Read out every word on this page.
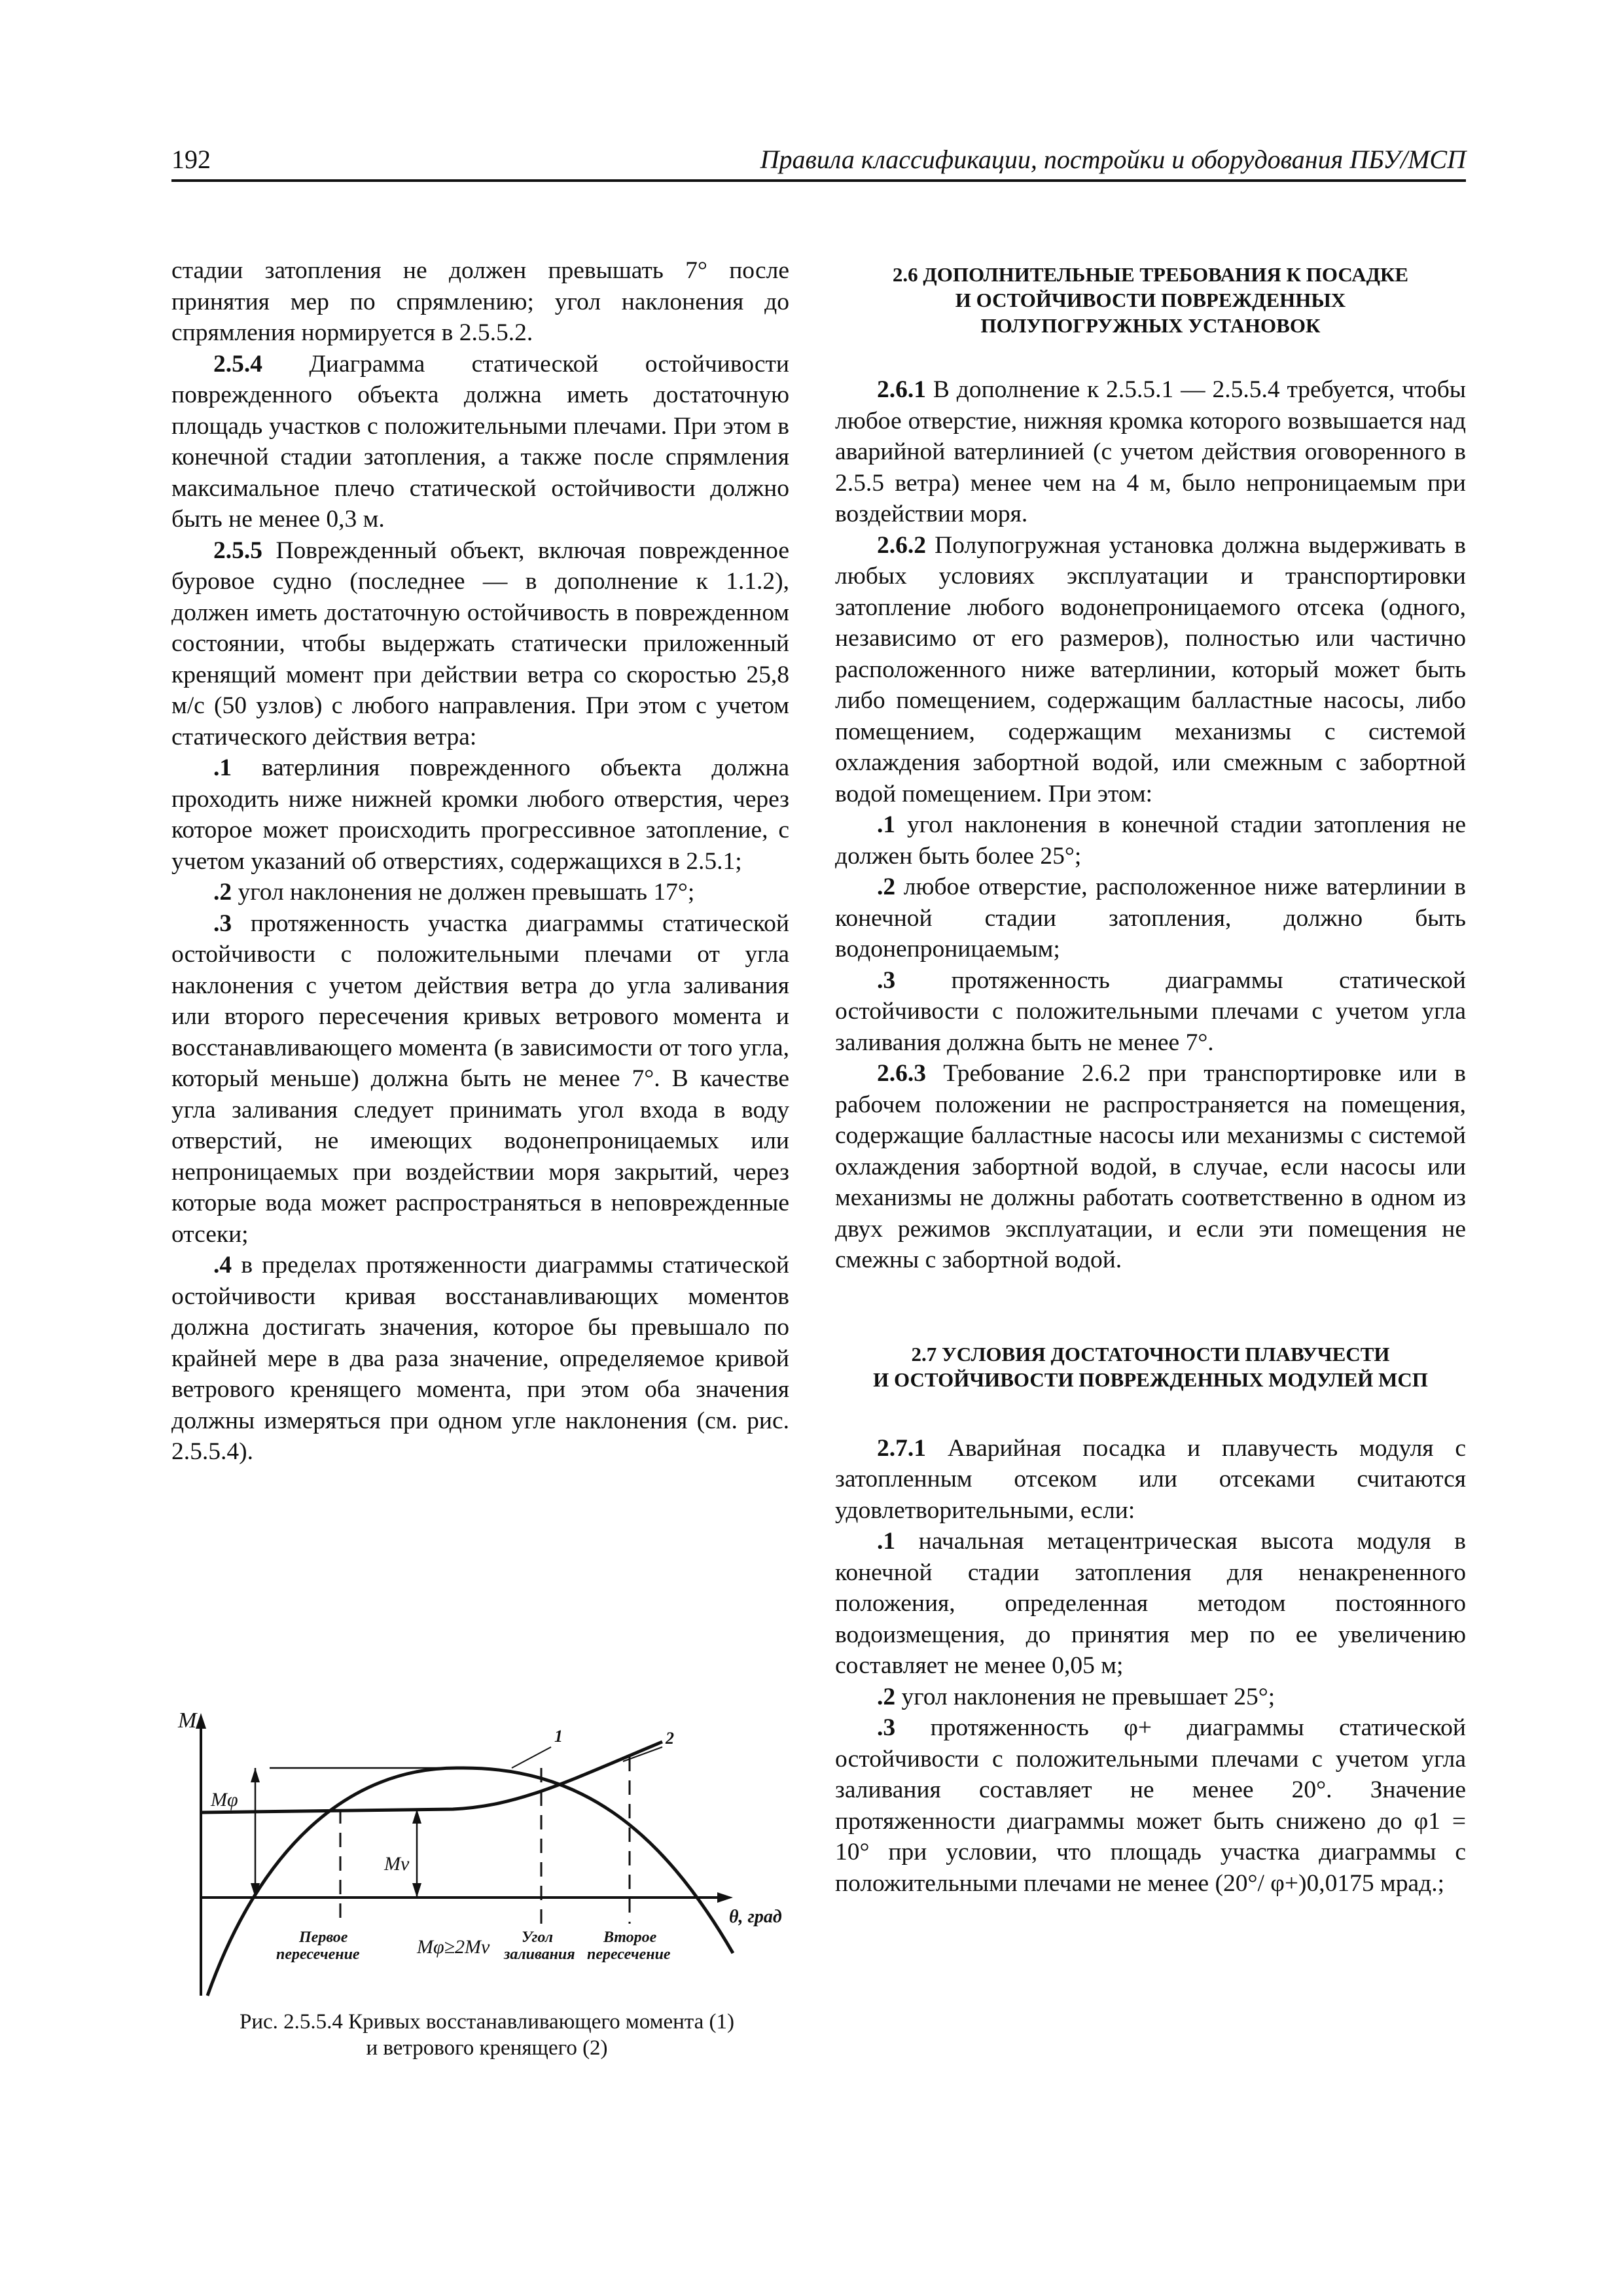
192	Правила классификации, постройки и оборудования ПБУ/МСП

стадии затопления не должен превышать 7° после принятия мер по спрямлению; угол наклонения до спрямления нормируется в 2.5.5.2.

2.5.4 Диаграмма статической остойчивости поврежденного объекта должна иметь достаточную площадь участков с положительными плечами. При этом в конечной стадии затопления, а также после спрямления максимальное плечо статической остойчивости должно быть не менее 0,3 м.

2.5.5 Поврежденный объект, включая поврежденное буровое судно (последнее — в дополнение к 1.1.2), должен иметь достаточную остойчивость в поврежденном состоянии, чтобы выдержать статически приложенный кренящий момент при действии ветра со скоростью 25,8 м/с (50 узлов) с любого направления. При этом с учетом статического действия ветра:

.1 ватерлиния поврежденного объекта должна проходить ниже нижней кромки любого отверстия, через которое может происходить прогрессивное затопление, с учетом указаний об отверстиях, содержащихся в 2.5.1;

.2 угол наклонения не должен превышать 17°;

.3 протяженность участка диаграммы статической остойчивости с положительными плечами от угла наклонения с учетом действия ветра до угла заливания или второго пересечения кривых ветрового момента и восстанавливающего момента (в зависимости от того угла, который меньше) должна быть не менее 7°. В качестве угла заливания следует принимать угол входа в воду отверстий, не имеющих водонепроницаемых или непроницаемых при воздействии моря закрытий, через которые вода может распространяться в неповрежденные отсеки;

.4 в пределах протяженности диаграммы статической остойчивости кривая восстанавливающих моментов должна достигать значения, которое бы превышало по крайней мере в два раза значение, определяемое кривой ветрового кренящего момента, при этом оба значения должны измеряться при одном угле наклонения (см. рис. 2.5.5.4).

M
θ, град
1	2
Mφ
Mv
Mφ≥2Mv
Первое пересечение
Угол заливания
Второе пересечение

Рис. 2.5.5.4 Кривых восстанавливающего момента (1)

и ветрового кренящего (2)

2.6 ДОПОЛНИТЕЛЬНЫЕ ТРЕБОВАНИЯ К ПОСАДКЕ
И ОСТОЙЧИВОСТИ ПОВРЕЖДЕННЫХ
ПОЛУПОГРУЖНЫХ УСТАНОВОК

2.6.1 В дополнение к 2.5.5.1 — 2.5.5.4 требуется, чтобы любое отверстие, нижняя кромка которого возвышается над аварийной ватерлинией (с учетом действия оговоренного в 2.5.5 ветра) менее чем на 4 м, было непроницаемым при воздействии моря.

2.6.2 Полупогружная установка должна выдерживать в любых условиях эксплуатации и транспортировки затопление любого водонепроницаемого отсека (одного, независимо от его размеров), полностью или частично расположенного ниже ватерлинии, который может быть либо помещением, содержащим балластные насосы, либо помещением, содержащим механизмы с системой охлаждения забортной водой, или смежным с забортной водой помещением. При этом:

.1 угол наклонения в конечной стадии затопления не должен быть более 25°;

.2 любое отверстие, расположенное ниже ватерлинии в конечной стадии затопления, должно быть водонепроницаемым;

.3 протяженность диаграммы статической остойчивости с положительными плечами с учетом угла заливания должна быть не менее 7°.

2.6.3 Требование 2.6.2 при транспортировке или в рабочем положении не распространяется на помещения, содержащие балластные насосы или механизмы с системой охлаждения забортной водой, в случае, если насосы или механизмы не должны работать соответственно в одном из двух режимов эксплуатации, и если эти помещения не смежны с забортной водой.

2.7 УСЛОВИЯ ДОСТАТОЧНОСТИ ПЛАВУЧЕСТИ
И ОСТОЙЧИВОСТИ ПОВРЕЖДЕННЫХ МОДУЛЕЙ МСП

2.7.1 Аварийная посадка и плавучесть модуля с затопленным отсеком или отсеками считаются удовлетворительными, если:

.1 начальная метацентрическая высота модуля в конечной стадии затопления для ненакрененного положения, определенная методом постоянного водоизмещения, до принятия мер по ее увеличению составляет не менее 0,05 м;

.2 угол наклонения не превышает 25°;

.3 протяженность φ+ диаграммы статической остойчивости с положительными плечами с учетом угла заливания составляет не менее 20°. Значение протяженности диаграммы может быть снижено до φ1 = 10° при условии, что площадь участка диаграммы с положительными плечами не менее (20°/ φ+)0,0175 мрад.;
